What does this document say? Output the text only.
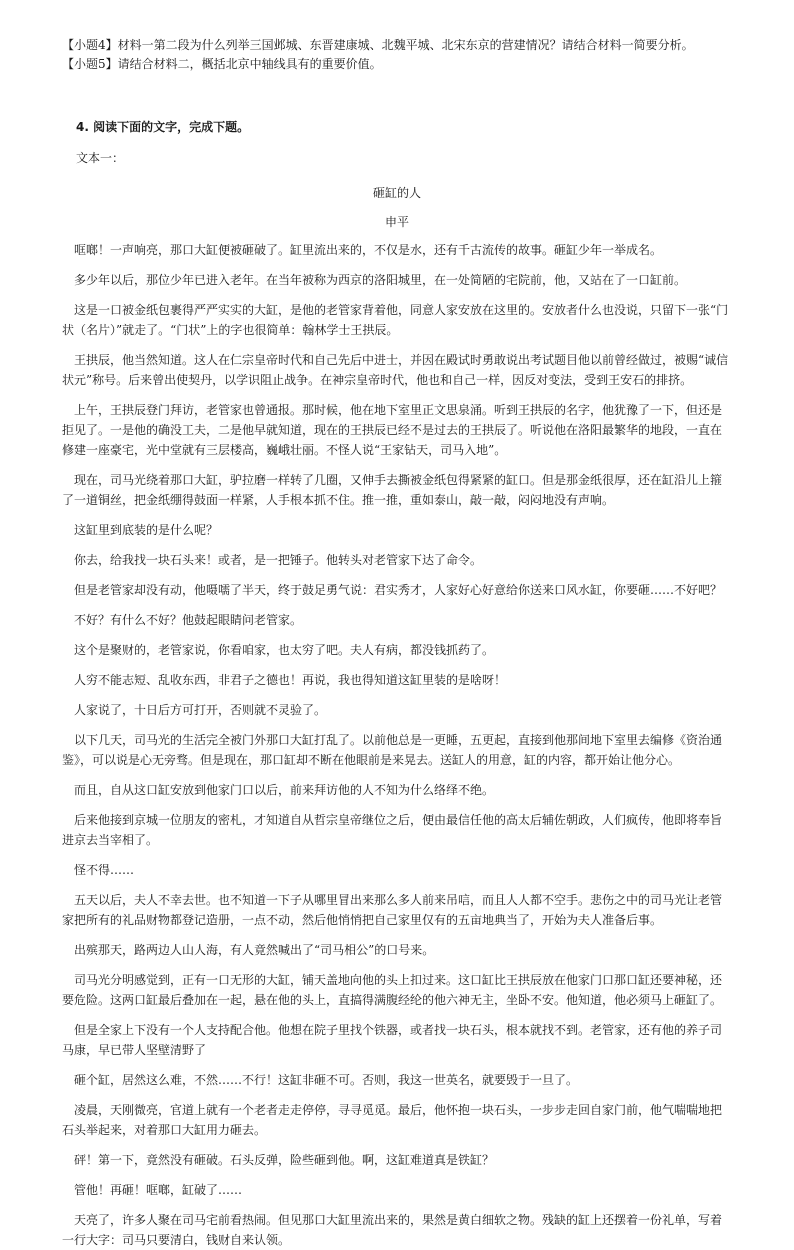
【小题4】材料一第二段为什么列举三国邺城、东晋建康城、北魏平城、北宋东京的营建情况？请结合材料一简要分析。

【小题5】请结合材料二，概括北京中轴线具有的重要价值。

4. 阅读下面的文字，完成下题。
文本一：
砸缸的人
申平

哐啷！一声响亮，那口大缸便被砸破了。缸里流出来的，不仅是水，还有千古流传的故事。砸缸少年一举成名。

多少年以后，那位少年已进入老年。在当年被称为西京的洛阳城里，在一处简陋的宅院前，他，又站在了一口缸前。

这是一口被金纸包裹得严严实实的大缸，是他的老管家背着他，同意人家安放在这里的。安放者什么也没说，只留下一张“门状（名片）”就走了。“门状”上的字也很简单：翰林学士王拱辰。

王拱辰，他当然知道。这人在仁宗皇帝时代和自己先后中进士，并因在殿试时勇敢说出考试题目他以前曾经做过，被赐“诚信状元”称号。后来曾出使契丹，以学识阻止战争。在神宗皇帝时代，他也和自己一样，因反对变法，受到王安石的排挤。

上午，王拱辰登门拜访，老管家也曾通报。那时候，他在地下室里正文思泉涌。听到王拱辰的名字，他犹豫了一下，但还是拒见了。一是他的确没工夫，二是他早就知道，现在的王拱辰已经不是过去的王拱辰了。听说他在洛阳最繁华的地段，一直在修建一座豪宅，光中堂就有三层楼高，巍峨壮丽。不怪人说“王家钻天，司马入地”。

现在，司马光绕着那口大缸，驴拉磨一样转了几圈，又伸手去撕被金纸包得紧紧的缸口。但是那金纸很厚，还在缸沿儿上箍了一道铜丝，把金纸绷得鼓面一样紧，人手根本抓不住。推一推，重如泰山，敲一敲，闷闷地没有声响。

这缸里到底装的是什么呢？

你去，给我找一块石头来！或者，是一把锤子。他转头对老管家下达了命令。

但是老管家却没有动，他嗫嚅了半天，终于鼓足勇气说：君实秀才，人家好心好意给你送来口风水缸，你要砸……不好吧？

不好？有什么不好？他鼓起眼睛问老管家。

这个是聚财的，老管家说，你看咱家，也太穷了吧。夫人有病，都没钱抓药了。

人穷不能志短、乱收东西，非君子之德也！再说，我也得知道这缸里装的是啥呀！

人家说了，十日后方可打开，否则就不灵验了。

以下几天，司马光的生活完全被门外那口大缸打乱了。以前他总是一更睡，五更起，直接到他那间地下室里去编修《资治通鉴》，可以说是心无旁骛。但是现在，那口缸却不断在他眼前是来晃去。送缸人的用意，缸的内容，都开始让他分心。

而且，自从这口缸安放到他家门口以后，前来拜访他的人不知为什么络绎不绝。

后来他接到京城一位朋友的密札，才知道自从哲宗皇帝继位之后，便由最信任他的高太后辅佐朝政，人们疯传，他即将奉旨进京去当宰相了。

怪不得……

五天以后，夫人不幸去世。也不知道一下子从哪里冒出来那么多人前来吊唁，而且人人都不空手。悲伤之中的司马光让老管家把所有的礼品财物都登记造册，一点不动，然后他悄悄把自己家里仅有的五亩地典当了，开始为夫人准备后事。

出殡那天，路两边人山人海，有人竟然喊出了“司马相公”的口号来。

司马光分明感觉到，正有一口无形的大缸，铺天盖地向他的头上扣过来。这口缸比王拱辰放在他家门口那口缸还要神秘，还要危险。这两口缸最后叠加在一起，悬在他的头上，直搞得满腹经纶的他六神无主，坐卧不安。他知道，他必须马上砸缸了。

但是全家上下没有一个人支持配合他。他想在院子里找个铁器，或者找一块石头，根本就找不到。老管家，还有他的养子司马康，早已带人坚壁清野了

砸个缸，居然这么难，不然……不行！这缸非砸不可。否则，我这一世英名，就要毁于一旦了。

凌晨，天刚微亮，官道上就有一个老者走走停停，寻寻觅觅。最后，他怀抱一块石头，一步步走回自家门前，他气喘喘地把石头举起来，对着那口大缸用力砸去。

砰！第一下，竟然没有砸破。石头反弹，险些砸到他。啊，这缸难道真是铁缸？

管他！再砸！哐啷，缸破了……

天亮了，许多人聚在司马宅前看热闹。但见那口大缸里流出来的，果然是黄白细软之物。残缺的缸上还摆着一份礼单，写着一行大字：司马只要清白，钱财自来认领。
